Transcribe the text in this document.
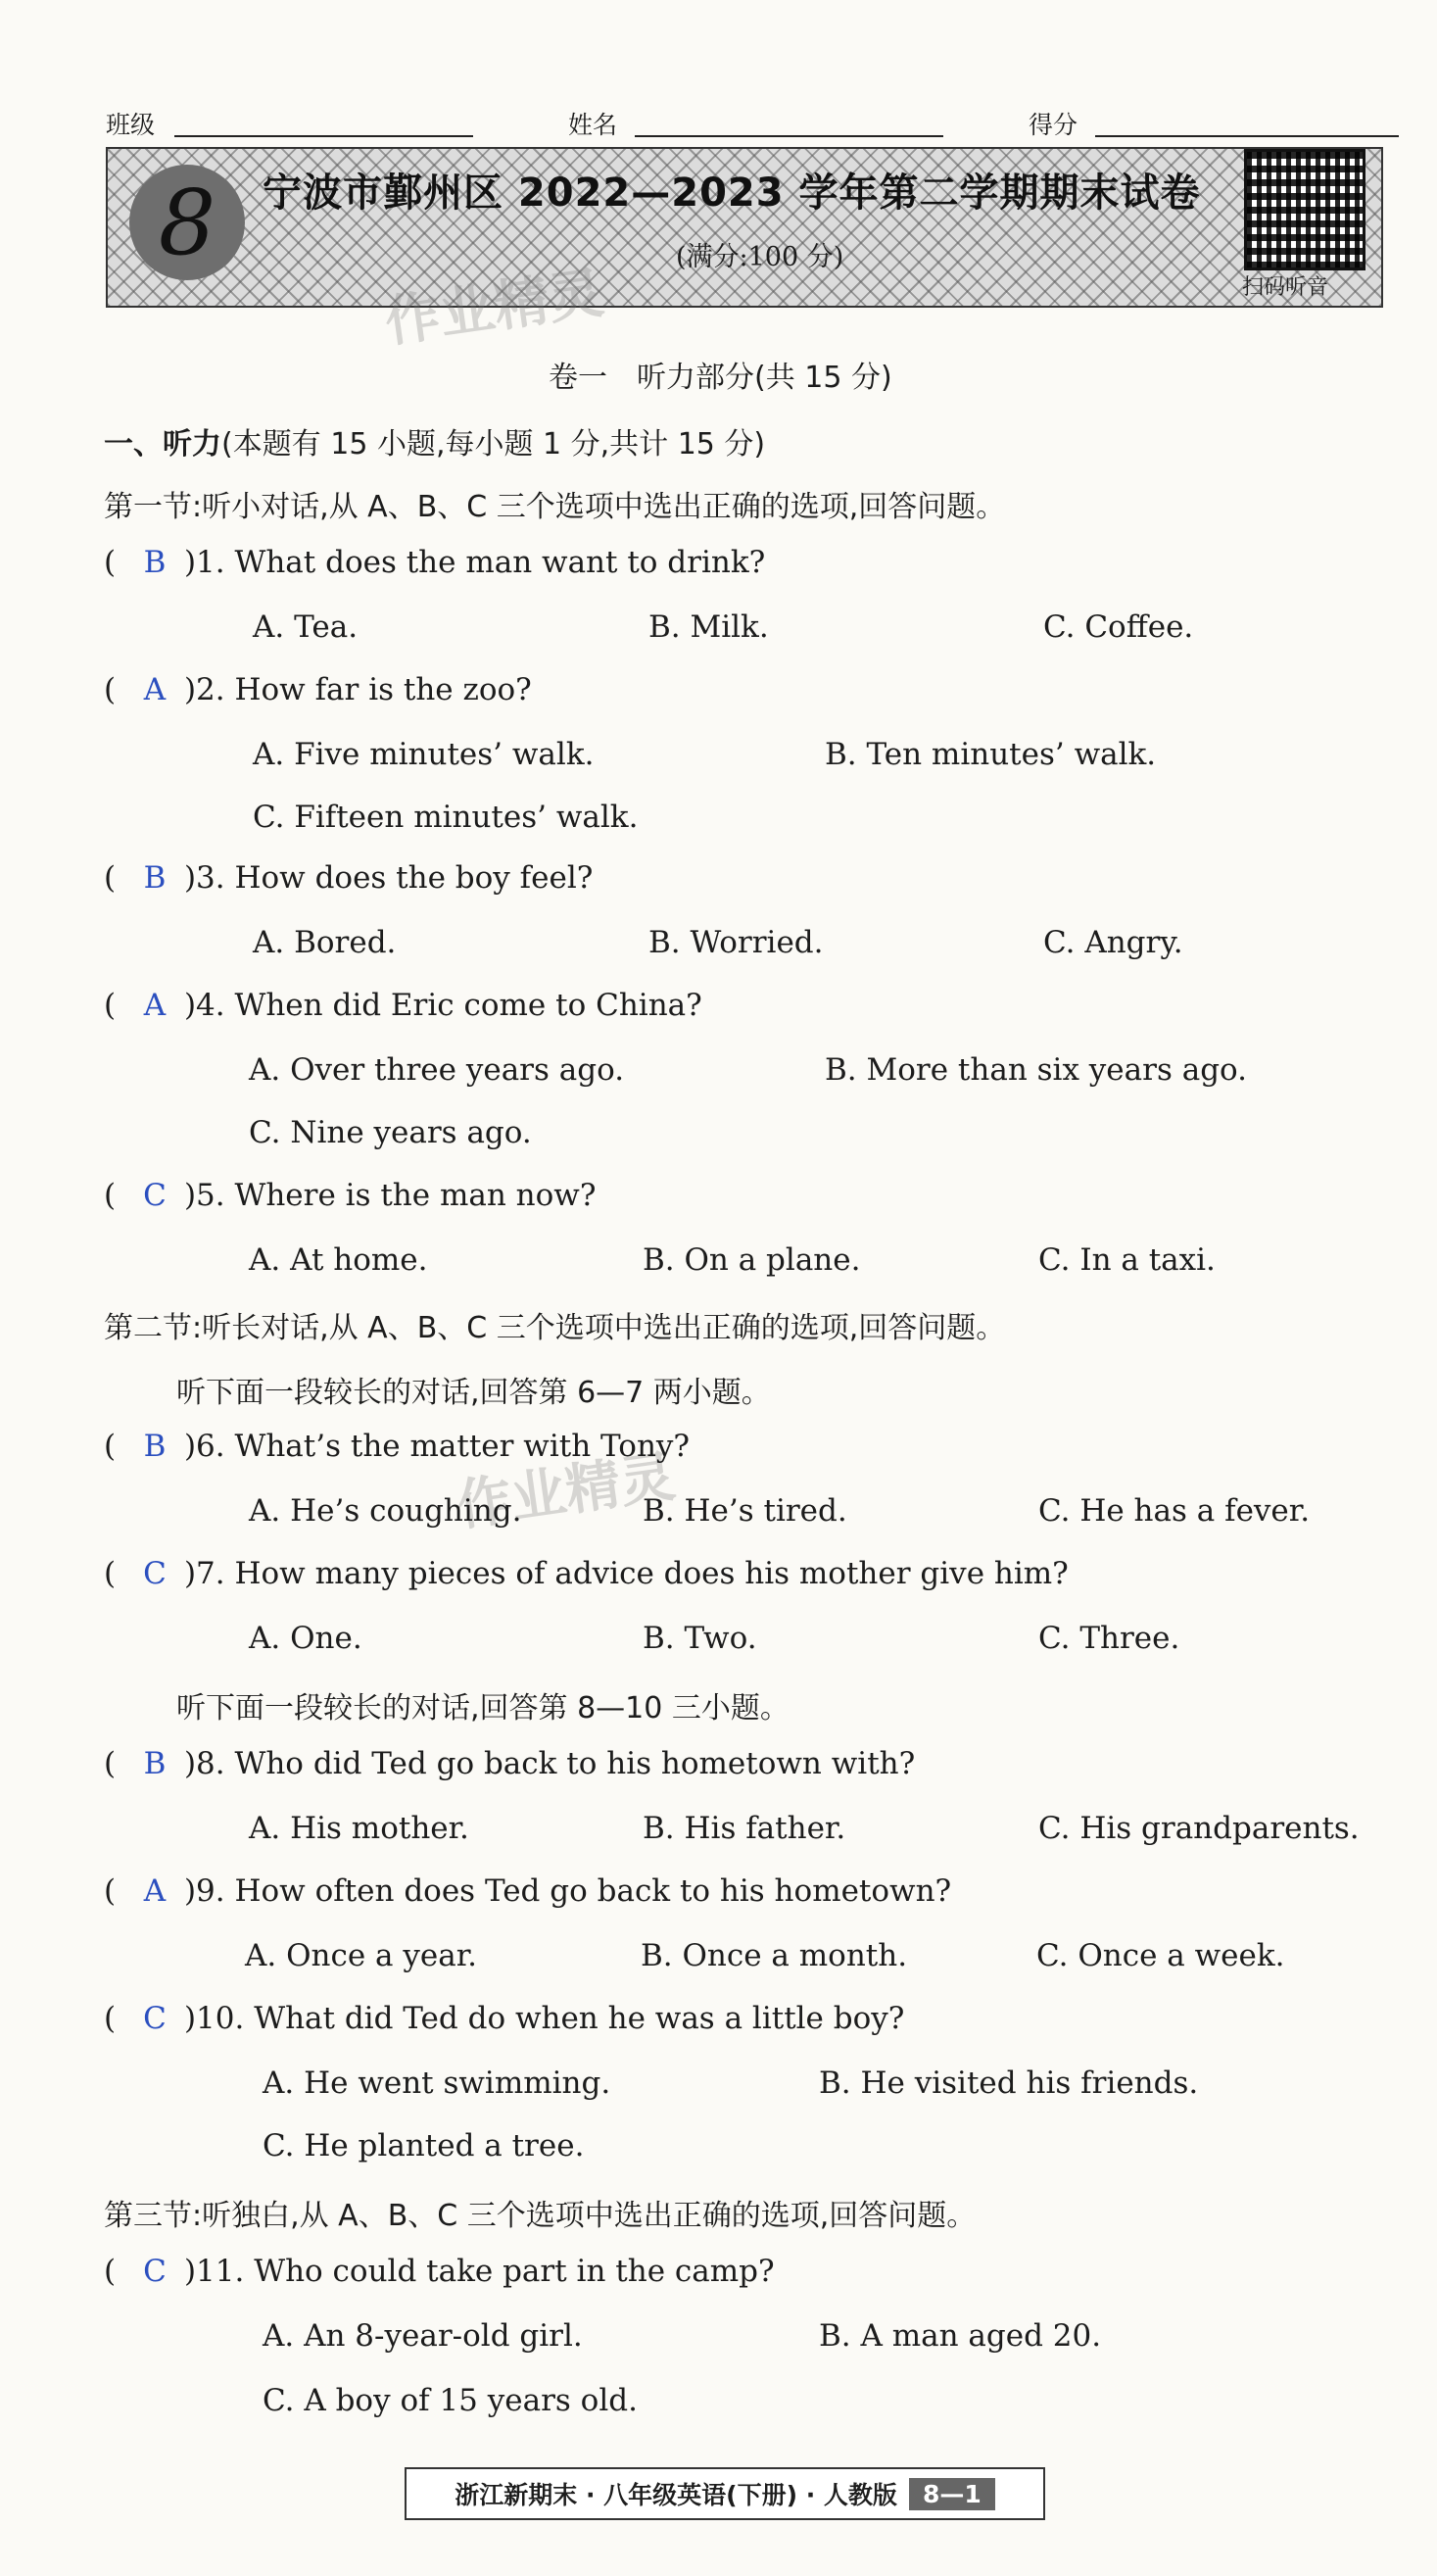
班级	姓名	得分
8	宁波市鄞州区 2022—2023 学年第二学期期末试卷
(满分:100 分)
扫码听音
作业精灵
作业精灵
卷一　听力部分(共 15 分)
一、听力(本题有 15 小题,每小题 1 分,共计 15 分)
第一节:听小对话,从 A、B、C 三个选项中选出正确的选项,回答问题。
( B )1. What does the man want to drink?
A. Tea.	B. Milk.	C. Coffee.
( A )2. How far is the zoo?
A. Five minutes’ walk.	B. Ten minutes’ walk.
C. Fifteen minutes’ walk.
( B )3. How does the boy feel?
A. Bored.	B. Worried.	C. Angry.
( A )4. When did Eric come to China?
A. Over three years ago.	B. More than six years ago.
C. Nine years ago.
( C )5. Where is the man now?
A. At home.	B. On a plane.	C. In a taxi.
第二节:听长对话,从 A、B、C 三个选项中选出正确的选项,回答问题。
听下面一段较长的对话,回答第 6—7 两小题。
( B )6. What’s the matter with Tony?
A. He’s coughing.	B. He’s tired.	C. He has a fever.
( C )7. How many pieces of advice does his mother give him?
A. One.	B. Two.	C. Three.
听下面一段较长的对话,回答第 8—10 三小题。
( B )8. Who did Ted go back to his hometown with?
A. His mother.	B. His father.	C. His grandparents.
( A )9. How often does Ted go back to his hometown?
A. Once a year.	B. Once a month.	C. Once a week.
( C )10. What did Ted do when he was a little boy?
A. He went swimming.	B. He visited his friends.
C. He planted a tree.
第三节:听独白,从 A、B、C 三个选项中选出正确的选项,回答问题。
( C )11. Who could take part in the camp?
A. An 8-year-old girl.	B. A man aged 20.
C. A boy of 15 years old.
浙江新期末 · 八年级英语(下册) · 人教版	8—1
